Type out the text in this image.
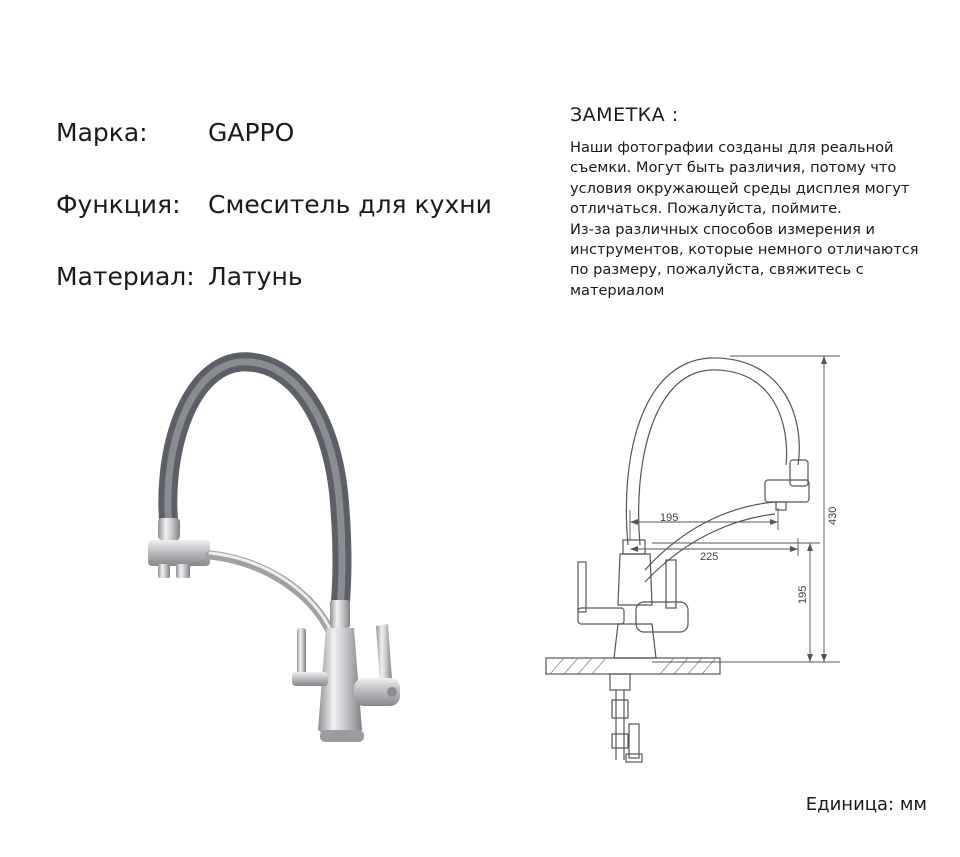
Марка: GAPPO
Функция: Смеситель для кухни
Материал: Латунь
ЗАМЕТКА :
Наши фотографии созданы для реальной
съемки. Могут быть различия, потому что
условия окружающей среды дисплея могут
отличаться. Пожалуйста, поймите.
Из-за различных способов измерения и
инструментов, которые немного отличаются
по размеру, пожалуйста, свяжитесь с
материалом
195
225
430
195
Единица: мм
